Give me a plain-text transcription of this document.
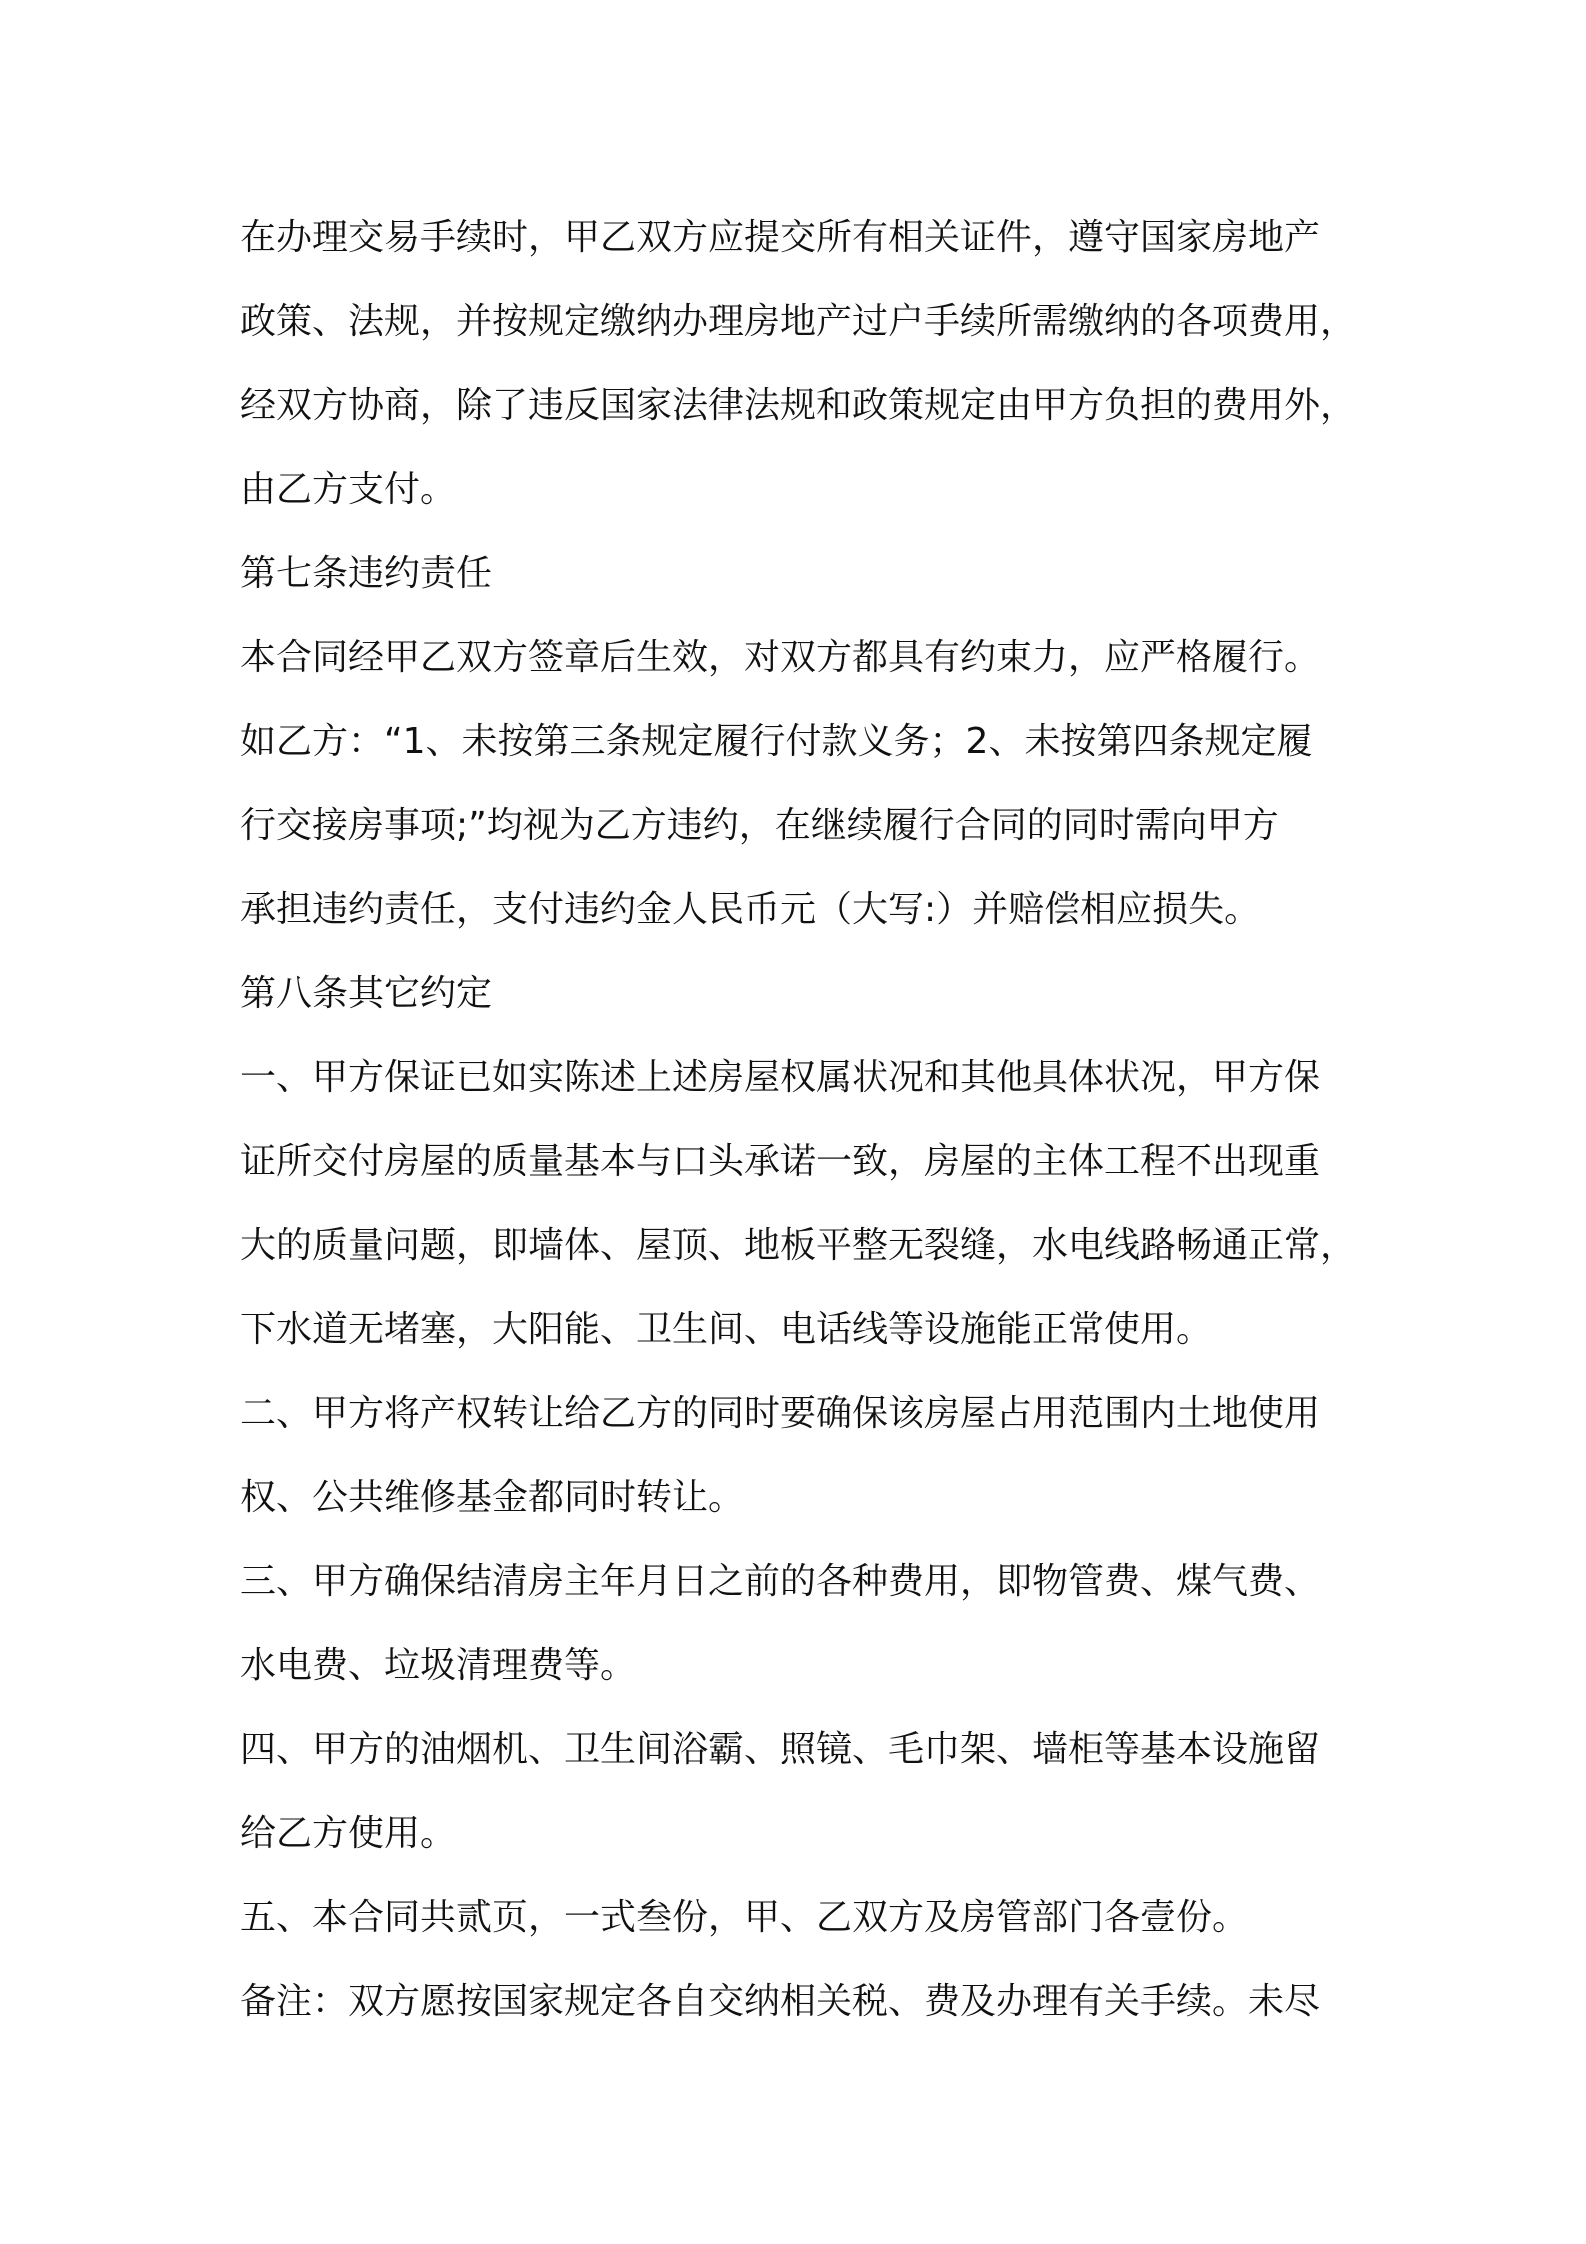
在办理交易手续时，甲乙双方应提交所有相关证件，遵守国家房地产
政策、法规，并按规定缴纳办理房地产过户手续所需缴纳的各项费用，
经双方协商，除了违反国家法律法规和政策规定由甲方负担的费用外，
由乙方支付。
第七条违约责任
本合同经甲乙双方签章后生效，对双方都具有约束力，应严格履行。
如乙方：“1、未按第三条规定履行付款义务；2、未按第四条规定履
行交接房事项;”均视为乙方违约，在继续履行合同的同时需向甲方
承担违约责任，支付违约金人民币元（大写:）并赔偿相应损失。
第八条其它约定
一、甲方保证已如实陈述上述房屋权属状况和其他具体状况，甲方保
证所交付房屋的质量基本与口头承诺一致，房屋的主体工程不出现重
大的质量问题，即墙体、屋顶、地板平整无裂缝，水电线路畅通正常，
下水道无堵塞，大阳能、卫生间、电话线等设施能正常使用。
二、甲方将产权转让给乙方的同时要确保该房屋占用范围内土地使用
权、公共维修基金都同时转让。
三、甲方确保结清房主年月日之前的各种费用，即物管费、煤气费、
水电费、垃圾清理费等。
四、甲方的油烟机、卫生间浴霸、照镜、毛巾架、墙柜等基本设施留
给乙方使用。
五、本合同共贰页，一式叁份，甲、乙双方及房管部门各壹份。
备注：双方愿按国家规定各自交纳相关税、费及办理有关手续。未尽
